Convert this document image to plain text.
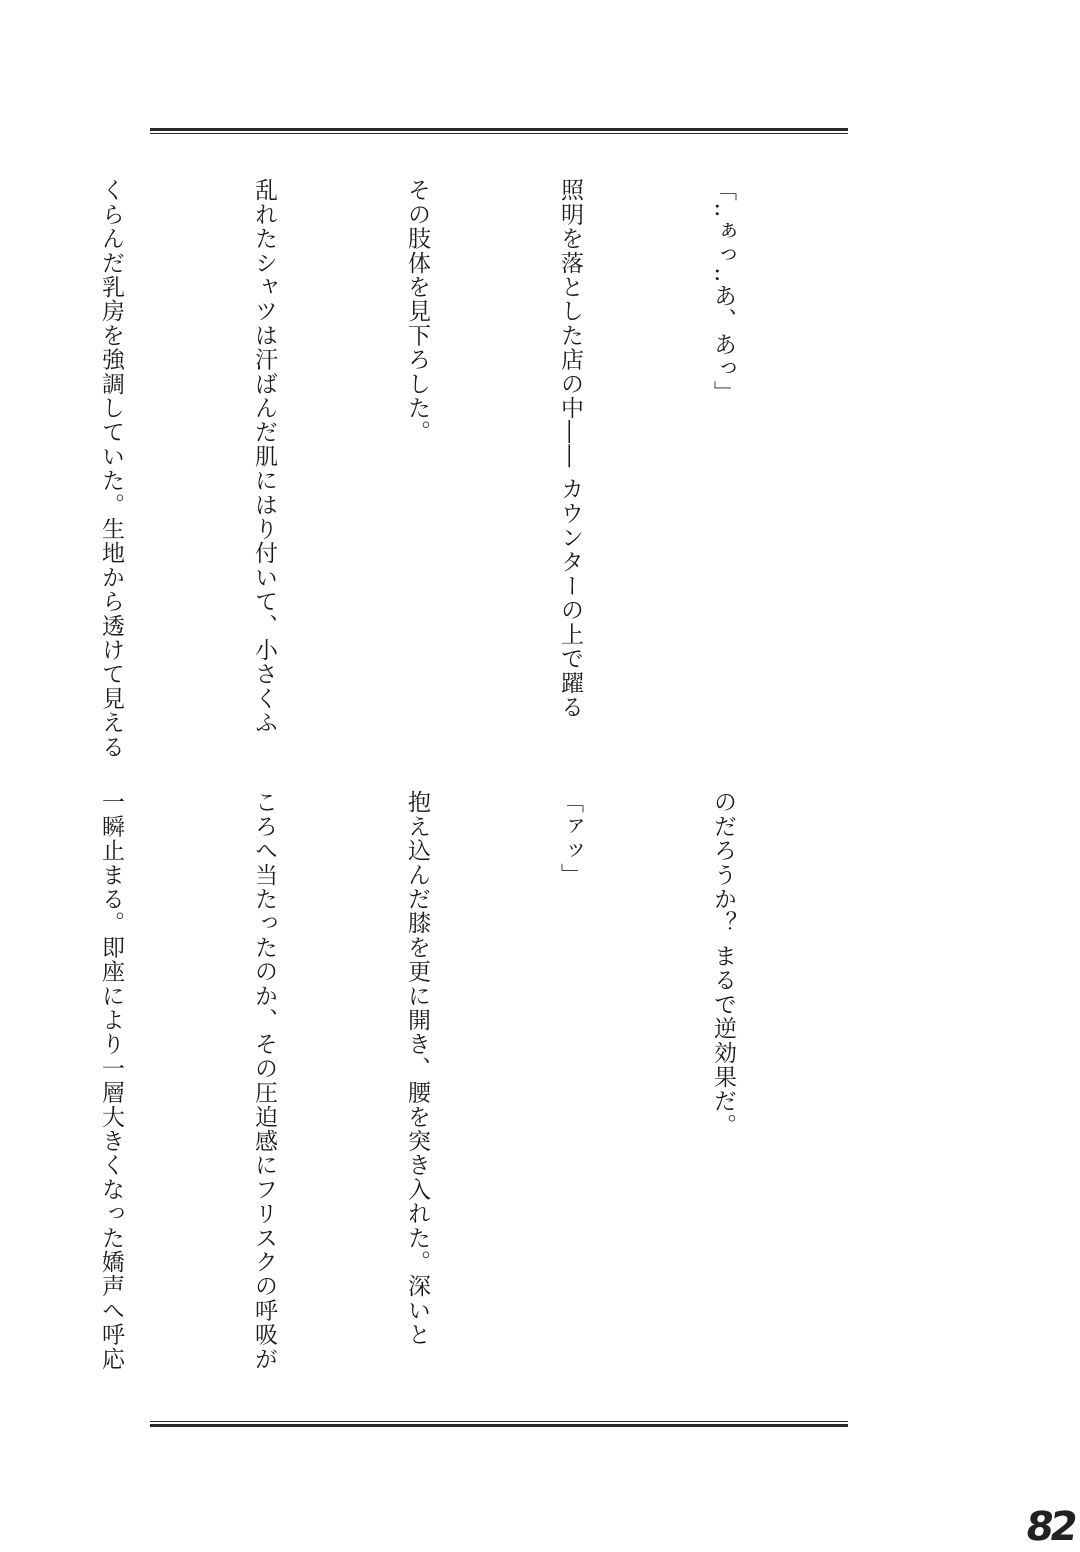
「‥ぁっ‥あ、あっ」

照明を落とした店の中―― カウンターの上で躍る

その肢体を見下ろした。

乱れたシャツは汗ばんだ肌にはり付いて、小さくふ

くらんだ乳房を強調していた。生地から透けて見える

のだろうか？ まるで逆効果だ。

「ァッ」

抱え込んだ膝を更に開き、腰を突き入れた。深いと

ころへ当たったのか、その圧迫感にフリスクの呼吸が

一瞬止まる。即座により一層大きくなった嬌声へ呼応

82
